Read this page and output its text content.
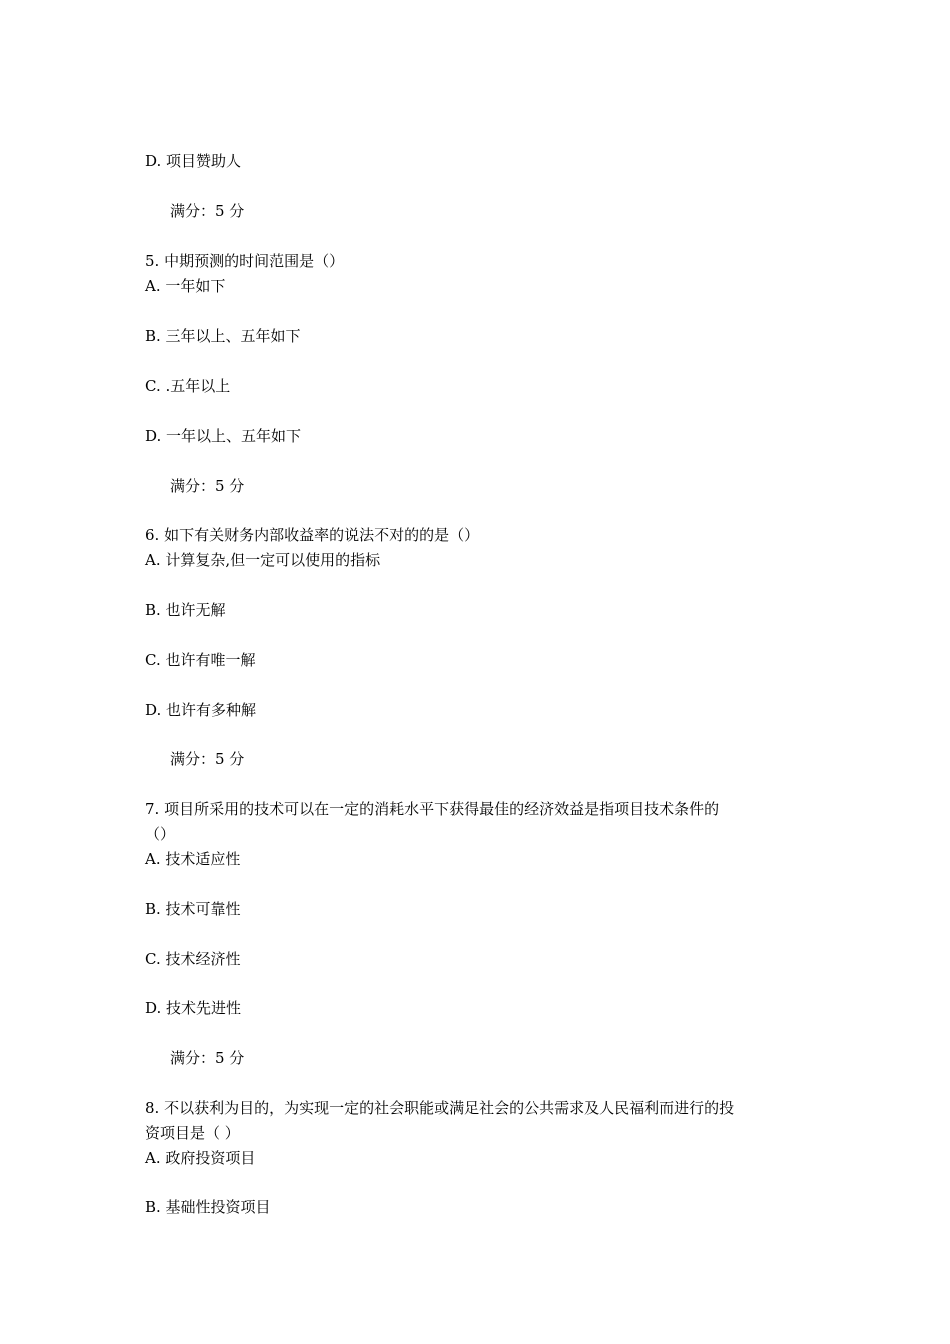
D. 项目赞助人
满分：5 分
5. 中期预测的时间范围是（）
A. 一年如下
B. 三年以上、五年如下
C. .五年以上
D. 一年以上、五年如下
满分：5 分
6. 如下有关财务内部收益率的说法不对的的是（）
A. 计算复杂,但一定可以使用的指标
B. 也许无解
C. 也许有唯一解
D. 也许有多种解
满分：5 分
7. 项目所采用的技术可以在一定的消耗水平下获得最佳的经济效益是指项目技术条件的
（）
A. 技术适应性
B. 技术可靠性
C. 技术经济性
D. 技术先进性
满分：5 分
8. 不以获利为目的，为实现一定的社会职能或满足社会的公共需求及人民福利而进行的投
资项目是（ ）
A. 政府投资项目
B. 基础性投资项目
